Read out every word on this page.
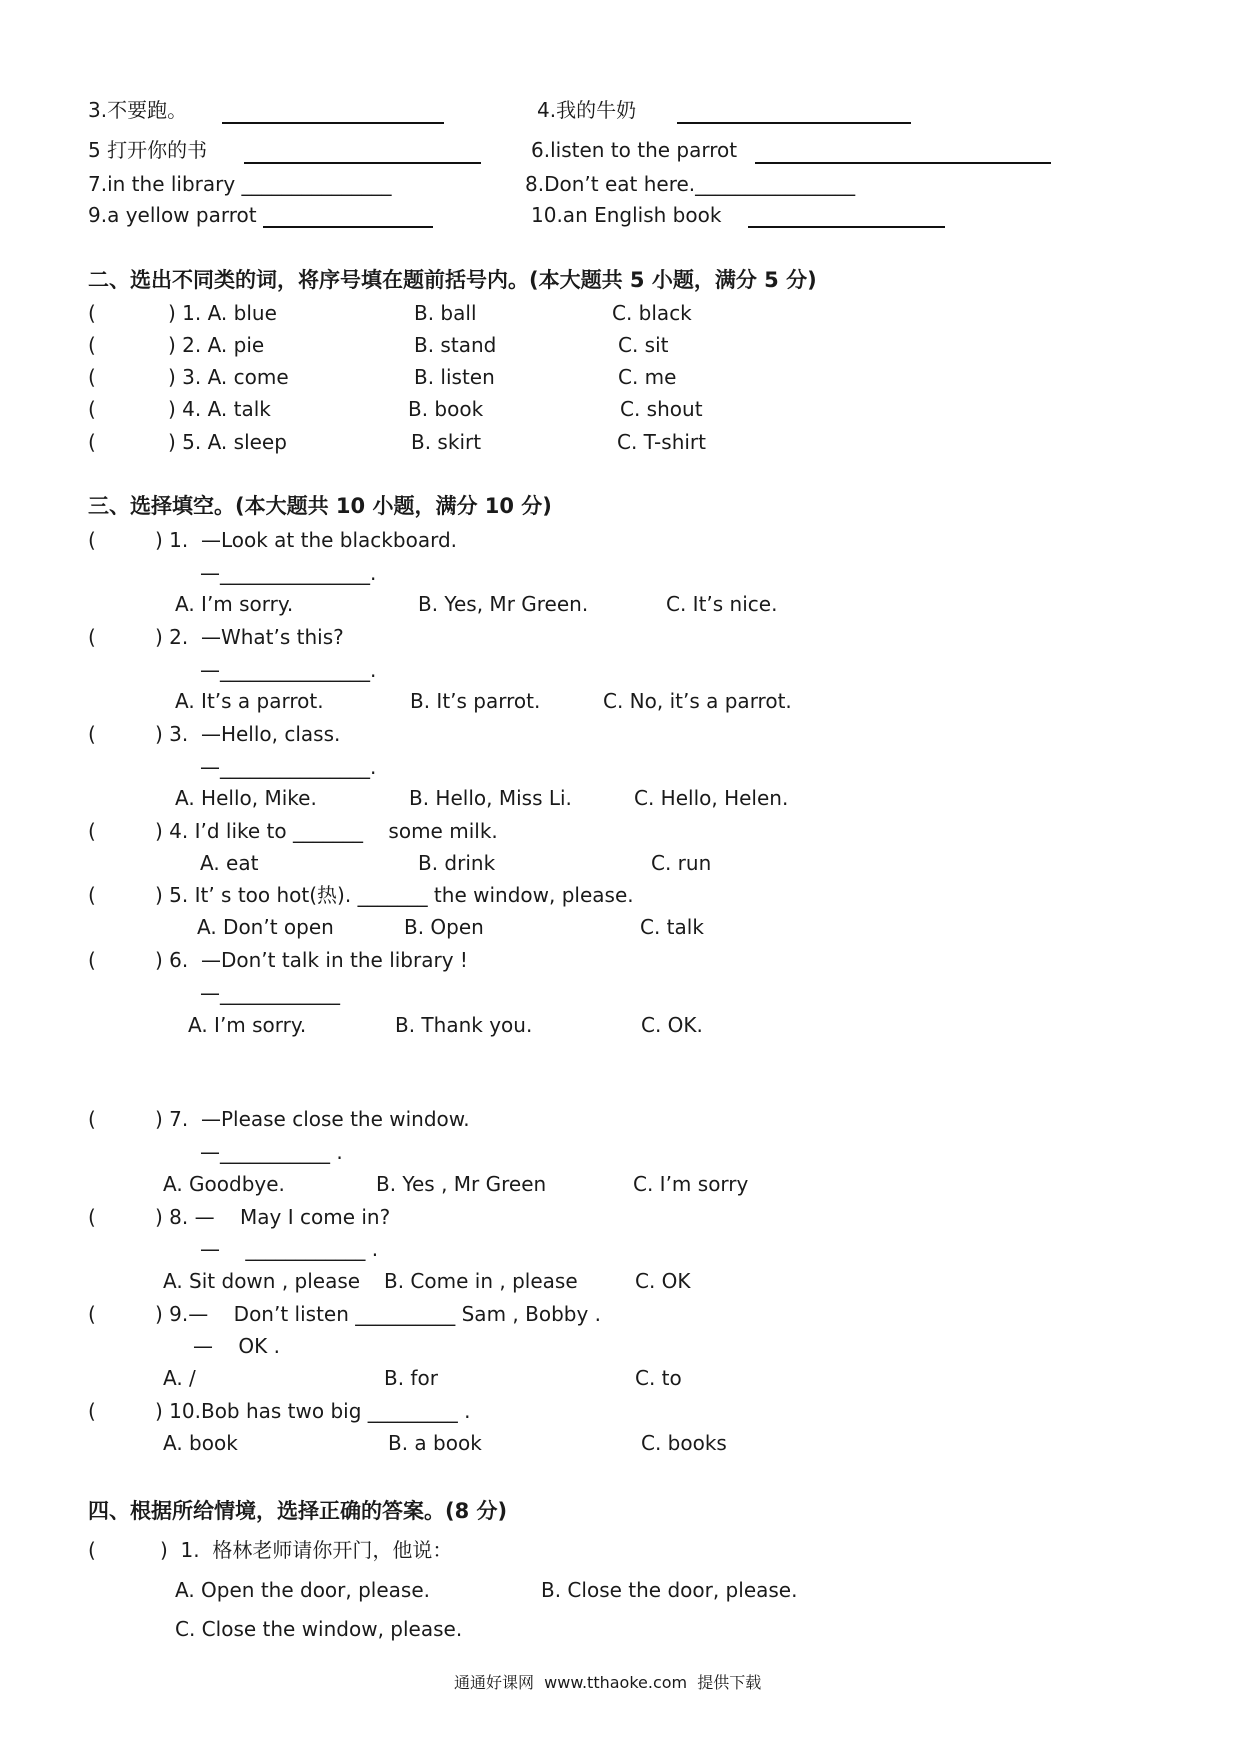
3.不要跑。	4.我的牛奶
5 打开你的书	6.listen to the parrot
7.in the library _______________	8.Don’t eat here.________________
9.a yellow parrot	10.an English book
二、选出不同类的词，将序号填在题前括号内。(本大题共 5 小题，满分 5 分)
(	) 1. A. blue	B. ball	C. black
(	) 2. A. pie	B. stand	C. sit
(	) 3. A. come	B. listen	C. me
(	) 4. A. talk	B. book	C. shout
(	) 5. A. sleep	B. skirt	C. T-shirt
三、选择填空。(本大题共 10 小题，满分 10 分)
(	) 1.  —Look at the blackboard.
—_______________.
A. I’m sorry.	B. Yes, Mr Green.	C. It’s nice.
(	) 2.  —What’s this?
—_______________.
A. It’s a parrot.	B. It’s parrot.	C. No, it’s a parrot.
(	) 3.  —Hello, class.
—_______________.
A. Hello, Mike.	B. Hello, Miss Li.	C. Hello, Helen.
(	) 4. I’d like to _______    some milk.
A. eat	B. drink	C. run
(	) 5. It’ s too hot(热). _______ the window, please.
A. Don’t open	B. Open	C. talk
(	) 6.  —Don’t talk in the library !
—____________
A. I’m sorry.	B. Thank you.	C. OK.
(	) 7.  —Please close the window.
—___________ .
A. Goodbye.	B. Yes , Mr Green	C. I’m sorry
(	) 8. —    May I come in?
—    ____________ .
A. Sit down , please B. Come in , please	C. OK
(	) 9.—    Don’t listen __________ Sam , Bobby .
—    OK .
A. /	B. for	C. to
(	) 10.Bob has two big _________ .
A. book	B. a book	C. books
四、根据所给情境，选择正确的答案。(8 分)
(	)  1.  格林老师请你开门，他说：
A. Open the door, please.	B. Close the door, please.
C. Close the window, please.
通通好课网  www.tthaoke.com  提供下载
